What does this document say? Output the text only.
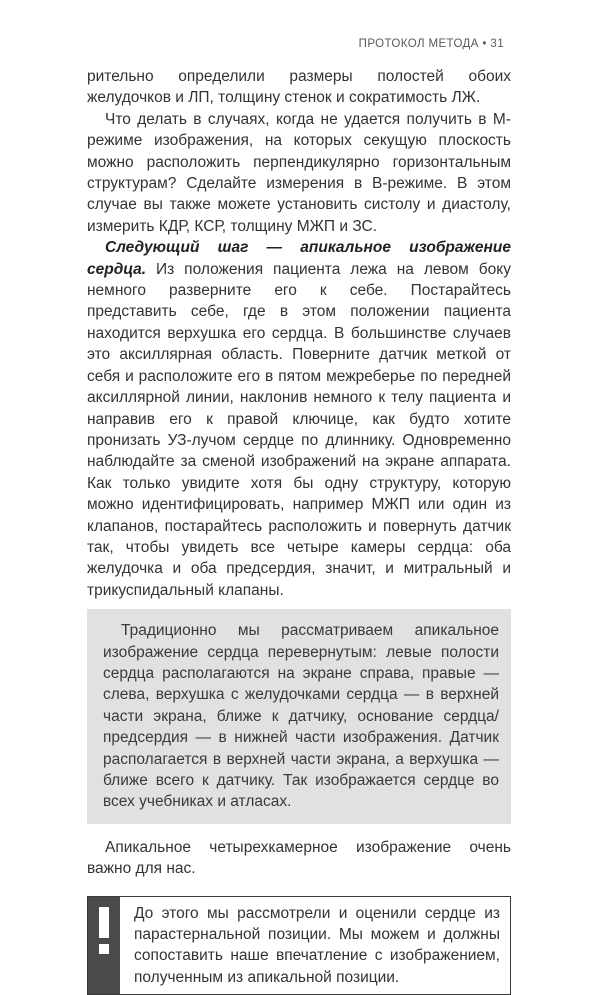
ПРОТОКОЛ МЕТОДА • 31

рительно определили размеры полостей обоих желудочков и ЛП, толщину стенок и сократимость ЛЖ.

Что делать в случаях, когда не удается получить в М-режиме изображения, на которых секущую плоскость можно расположить перпендикулярно горизонтальным структурам? Сделайте измерения в В-режиме. В этом случае вы также можете установить систолу и диастолу, измерить КДР, КСР, толщину МЖП и ЗС.

Следующий шаг — апикальное изображение сердца. Из положения пациента лежа на левом боку немного разверните его к себе. Постарайтесь представить себе, где в этом положении пациента находится верхушка его сердца. В большинстве случаев это аксиллярная область. Поверните датчик меткой от себя и расположите его в пятом межреберье по передней аксиллярной линии, наклонив немного к телу пациента и направив его к правой ключице, как будто хотите пронизать УЗ-лучом сердце по длиннику. Одновременно наблюдайте за сменой изображений на экране аппарата. Как только увидите хотя бы одну структуру, которую можно идентифицировать, например МЖП или один из клапанов, постарайтесь расположить и повернуть датчик так, чтобы увидеть все четыре камеры сердца: оба желудочка и оба предсердия, значит, и митральный и трикуспидальный клапаны.

Традиционно мы рассматриваем апикальное изображение сердца перевернутым: левые полости сердца располагаются на экране справа, правые — слева, верхушка с желудочками сердца — в верхней части экрана, ближе к датчику, основание сердца/предсердия — в нижней части изображения. Датчик располагается в верхней части экрана, а верхушка — ближе всего к датчику. Так изображается сердце во всех учебниках и атласах.

Апикальное четырехкамерное изображение очень важно для нас.

До этого мы рассмотрели и оценили сердце из парастернальной позиции. Мы можем и должны сопоставить наше впечатление с изображением, полученным из апикальной позиции.
